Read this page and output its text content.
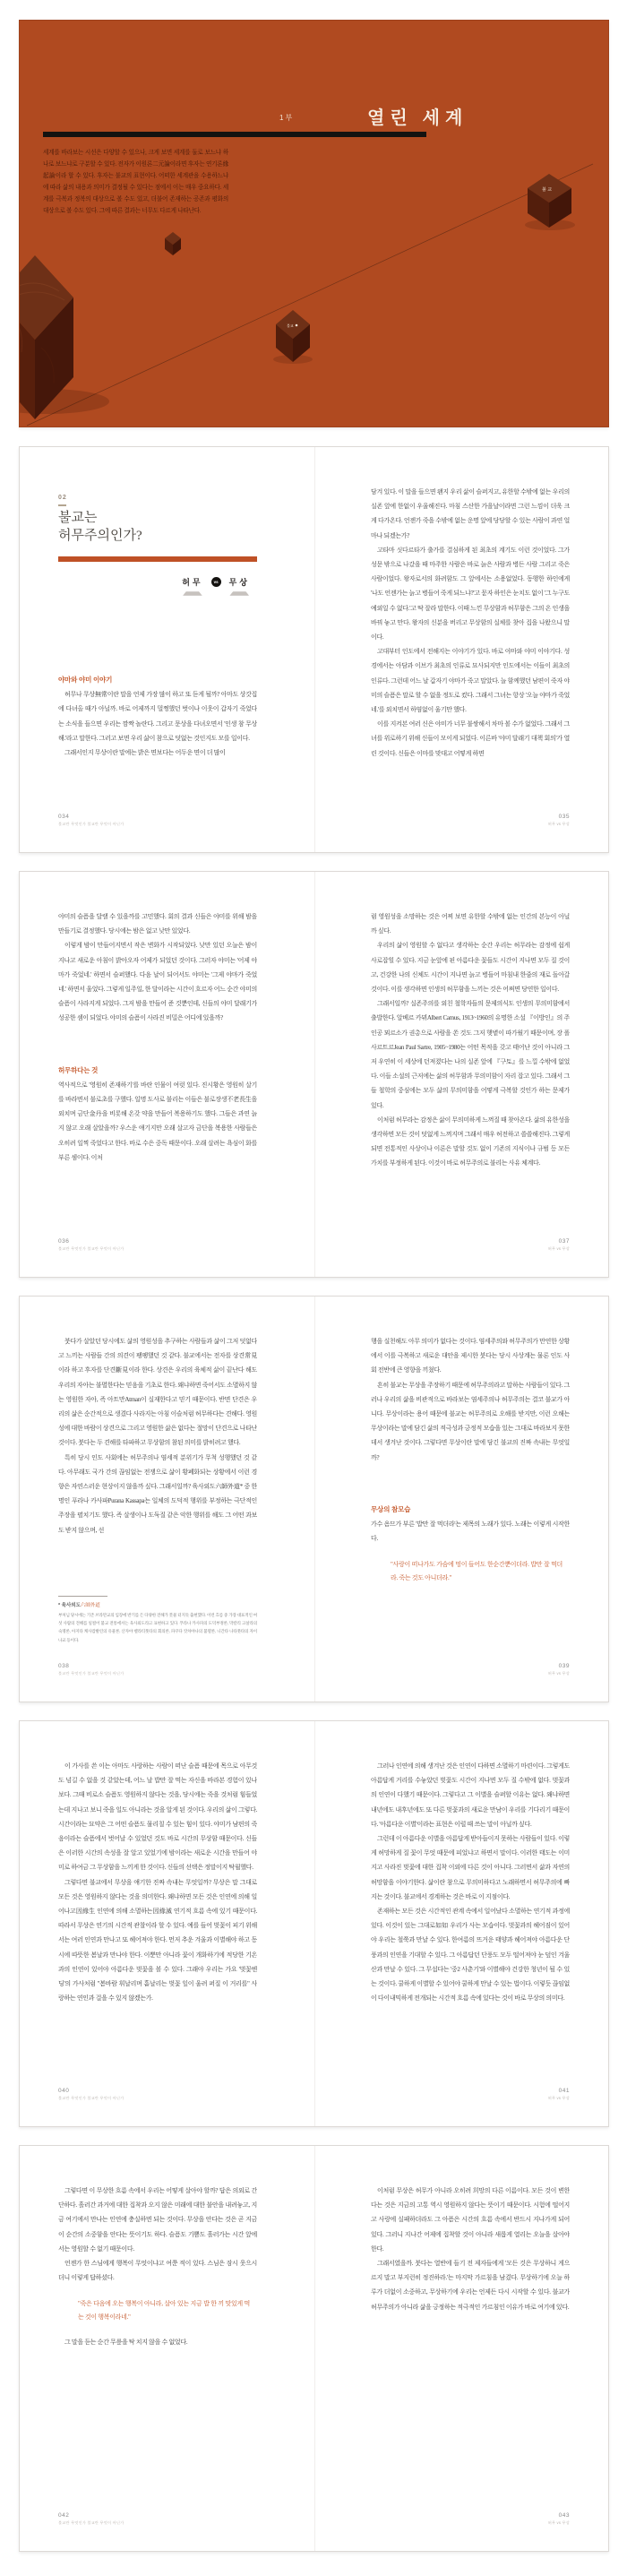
1부	열린 세계
세계를 바라보는 시선은 다양할 수 있으나, 크게 보면 세계를 둘로 보느냐 하나로 보느냐로 구분할 수 있다. 전자가 이원론二元論이라면 후자는 연기론緣起論이라 할 수 있다. 후자는 불교의 표현이다. 어떠한 세계관을 수용하느냐에 따라 삶의 내용과 의미가 결정될 수 있다는 점에서 이는 매우 중요하다. 세계를 극복과 정복의 대상으로 볼 수도 있고, 더불어 존재하는 공존과 평화의 대상으로 볼 수도 있다. 그에 따른 결과는 너무도 다르게 나타난다.
불교
불 교
02

불교는
허무주의인가?

허무	vs	무상

야마와 야미 이야기

허무나 무상無常이란 말을 언제 가장 많이 하고 또 듣게 될까? 아마도 상갓집에 다녀올 때가 아닐까. 바로 어제까지 멀쩡했던 벗이나 이웃이 갑자기 죽었다는 소식을 들으면 우리는 깜짝 놀란다. 그리고 문상을 다녀오면서 '인생 참 무상해.'라고 말한다. 그러고 보면 우리 삶이 참으로 덧없는 것인지도 모를 일이다.

그래서인지 무상이란 말에는 밝은 면보다는 어두운 면이 더 많이

034

불교란 무엇인가 불교란 무엇이 아닌가

담겨 있다. 이 말을 들으면 왠지 우리 삶이 슬퍼지고, 유한할 수밖에 없는 우리의 실존 앞에 한없이 우울해진다. 마침 스산한 가을날이라면 그런 느낌이 더욱 크게 다가온다. 언젠가 죽을 수밖에 없는 운명 앞에 당당할 수 있는 사람이 과연 얼마나 되겠는가?

고타마 싯다르타가 출가를 결심하게 된 최초의 계기도 이런 것이었다. 그가 성문 밖으로 나갔을 때 마주한 사람은 바로 늙은 사람과 병든 사람 그리고 죽은 사람이었다. 왕자로서의 화려함도 그 앞에서는 소용없었다. 동행한 하인에게 '나도 언젠가는 늙고 병들어 죽게 되느냐?'고 묻자 하인은 눈치도 없이 '그 누구도 예외일 수 없다.'고 딱 잘라 말한다. 이때 느낀 무상함과 허무함은 그의 온 인생을 바꿔 놓고 만다. 왕자의 신분을 버리고 무상함의 실체를 찾아 집을 나왔으니 말이다.

고대부터 인도에서 전해지는 이야기가 있다. 바로 야마와 야미 이야기다. 성경에서는 아담과 이브가 최초의 인류로 묘사되지만 인도에서는 이들이 최초의 인류다. 그런데 어느 날 갑자기 야마가 죽고 말았다. 늘 함께했던 남편이 죽자 야미의 슬픔은 말로 할 수 없을 정도로 컸다. 그래서 그녀는 항상 '오늘 야마가 죽었네.'를 외치면서 하염없이 울기만 했다.

이를 지켜본 여러 신은 야미가 너무 불쌍해서 차마 볼 수가 없었다. 그래서 그녀를 위로하기 위해 신들이 모이게 되었다. 이른바 '야미 달래기 대책 회의'가 열린 것이다. 신들은 이마를 맞대고 어떻게 하면

035

허무 vs 무상

야미의 슬픔을 달랠 수 있을까를 고민했다. 회의 결과 신들은 야미를 위해 밤을 만들기로 결정했다. 당시에는 밤은 없고 낮만 있었다.

이렇게 밤이 만들어지면서 작은 변화가 시작되었다. 낮만 있던 오늘은 밤이 지나고 새로운 아침이 밝아오자 어제가 되었던 것이다. 그러자 야미는 '어제 야마가 죽었네.' 하면서 슬퍼했다. 다음 날이 되어서도 야미는 '그제 야마가 죽었네.' 하면서 울었다. 그렇게 일주일, 한 달이라는 시간이 흐르자 어느 순간 야미의 슬픔이 사라지게 되었다. 그저 밤을 만들어 준 것뿐인데, 신들의 야미 달래기가 성공한 셈이 되었다. 야미의 슬픔이 사라진 비밀은 어디에 있을까?

허무하다는 것

역사적으로 '영원히 존재하기'를 바란 인물이 여럿 있다. 진시황은 영원히 살기를 바라면서 불로초를 구했다. 일명 도사로 불리는 이들은 불로장생不老長生을 외치며 금단金丹을 비롯해 온갖 약을 만들어 복용하기도 했다. 그들은 과연 늙지 않고 오래 살았을까? 우스운 얘기지만 오래 살고자 금단을 복용한 사람들은 오히려 일찍 죽었다고 한다. 바로 수은 중독 때문이다. 오래 살려는 욕심이 화를 부른 셈이다. 이처

036

불교란 무엇인가 불교란 무엇이 아닌가

럼 영원성을 소망하는 것은 어찌 보면 유한할 수밖에 없는 인간의 본능이 아닐까 싶다.

우리의 삶이 영원할 수 없다고 생각하는 순간 우리는 허무라는 감정에 쉽게 사로잡힐 수 있다. 지금 눈앞에 핀 아름다운 꽃들도 시간이 지나면 모두 질 것이고, 건강한 나의 신체도 시간이 지나면 늙고 병들어 마침내 한줌의 재로 돌아갈 것이다. 이를 생각하면 인생의 허무함을 느끼는 것은 어쩌면 당연한 일이다.

그래서일까? 실존주의를 외친 철학자들의 문제의식도 인생의 무의미함에서 출발한다. 알베르 카뮈Albert Camus, 1913~1960의 유명한 소설 『이방인』의 주인공 뫼르소가 권총으로 사람을 쏜 것도 그저 햇볕이 따가웠기 때문이며, 장 폴 사르트르Jean Paul Sartre, 1905~1980는 어떤 목적을 갖고 태어난 것이 아니라 그저 우연히 이 세상에 던져졌다는 나의 실존 앞에 『구토』를 느낄 수밖에 없었다. 이들 소설의 근저에는 삶의 허무함과 무의미함이 자리 잡고 있다. 그래서 그들 철학의 중심에는 모두 삶의 무의미함을 어떻게 극복할 것인가 하는 문제가 있다.

이처럼 허무라는 감정은 삶이 무의미하게 느껴질 때 찾아온다. 삶의 유한성을 생각하면 모든 것이 덧없게 느껴지며 그래서 매우 허전하고 쓸쓸해진다. 그렇게 되면 전통적인 사상이나 이론은 말할 것도 없이 기존의 지식이나 규범 등 모든 가치를 부정하게 된다. 이것이 바로 허무주의로 불리는 사유 체계다.

037

허무 vs 무상

붓다가 살았던 당시에도 삶의 영원성을 추구하는 사람들과 삶이 그저 덧없다고 느끼는 사람들 간의 의견이 팽팽했던 것 같다. 불교에서는 전자를 상견常見이라 하고 후자를 단견斷見이라 한다. 상견은 우리의 육체적 삶이 끝난다 해도 우리의 자아는 불멸한다는 믿음을 기초로 한다. 왜냐하면 죽어서도 소멸하지 않는 영원한 자아, 즉 아트만Atman이 실재한다고 믿기 때문이다. 반면 단견은 우리의 삶은 순간적으로 생겼다 사라지는 아침 이슬처럼 허무하다는 견해다. 영원성에 대한 바람이 상견으로 그리고 영원한 삶은 없다는 절망이 단견으로 나타난 것이다. 붓다는 두 견해를 타파하고 무상함의 참된 의미를 밝히려고 했다.

특히 당시 인도 사회에는 허무주의나 염세적 분위기가 무척 성행했던 것 같다. 아무래도 국가 간의 끊임없는 전쟁으로 삶이 황폐화되는 상황에서 이런 경향은 자연스러운 현상이지 않을까 싶다. 그래서일까? 육사외도六師外道* 중 한 명인 푸라나 카사파Purana Kassapa는 일체의 도덕적 행위를 부정하는 극단적인 주장을 펼치기도 했다. 즉 살생이나 도둑질 같은 악한 행위를 해도 그 어떤 과보도 받지 않으며, 선

* 육사외도六師外道

부처님 당시에는 기존 브라만교의 입장에 반기를 든 다양한 견해가 봇물 터지듯 출현했다. 이런 흐름 중 가장 대표적인 여섯 사람의 견해를 일컬어 불교 전통에서는 육사외도라고 표현하고 있다. 푸라나 카사파의 도덕부정론, 막칼리 고살라의 숙명론, 아지타 케사캄발린의 유물론, 산자야 벨라티풋타의 회의론, 파쿠다 캇차야나의 불멸론, 니간타 나타풋타의 자이나교 등이다.

038

불교란 무엇인가 불교란 무엇이 아닌가

행을 실천해도 아무 의미가 없다는 것이다. 염세주의와 허무주의가 만연한 상황에서 이를 극복하고 새로운 대안을 제시한 붓다는 당시 사상계는 물론 인도 사회 전반에 큰 영향을 끼쳤다.

흔히 불교는 무상을 주장하기 때문에 허무주의라고 말하는 사람들이 있다. 그러나 우리의 삶을 비관적으로 바라보는 염세주의나 허무주의는 결코 불교가 아니다. 무상이라는 용어 때문에 불교는 허무주의로 오해를 받지만, 이런 오해는 무상이라는 말에 담긴 삶의 적극성과 긍정적 모습을 있는 그대로 바라보지 못한 데서 생겨난 것이다. 그렇다면 무상이란 말에 담긴 불교의 진짜 속내는 무엇일까?

무상의 참모습

가수 옴므가 부른 '밥만 잘 먹더라'는 제목의 노래가 있다. 노래는 이렇게 시작한다.

"사랑이 떠나가도 가슴에 멍이 들어도 한순간뿐이더라. 밥만 잘 먹더라. 죽는 것도 아니더라."

039

허무 vs 무상

이 가사를 쓴 이는 아마도 사랑하는 사람이 떠난 슬픔 때문에 목으로 아무것도 넘길 수 없을 것 같았는데, 어느 날 밥만 잘 먹는 자신을 바라본 경험이 있나 보다. 그때 비로소 슬픔도 영원하지 않다는 것을, 당시에는 죽을 것처럼 힘들었는데 지나고 보니 죽을 일도 아니라는 것을 알게 된 것이다. 우리의 삶이 그렇다. 시간이라는 묘약은 그 어떤 슬픔도 물리칠 수 있는 힘이 있다. 야미가 남편의 죽음이라는 슬픔에서 벗어날 수 있었던 것도 바로 시간의 무상함 때문이다. 신들은 이러한 시간의 속성을 잘 알고 있었기에 밤이라는 새로운 시간을 만들어 야미로 하여금 그 무상함을 느끼게 한 것이다. 신들의 선택은 정말이지 탁월했다.

그렇다면 불교에서 무상을 얘기한 진짜 속내는 무엇일까? 무상은 말 그대로 모든 것은 영원하지 않다는 것을 의미한다. 왜냐하면 모든 것은 인연에 의해 일어나고因緣生 인연에 의해 소멸하는因緣滅 연기적 흐름 속에 있기 때문이다. 따라서 무상은 연기의 시간적 관찰이라 할 수 있다. 예를 들어 벚꽃이 피기 위해서는 여러 인연과 만나고 또 헤어져야 한다. 먼저 추운 겨울과 이별해야 하고 동시에 따뜻한 봄날과 만나야 한다. 이뿐만 아니라 꽃이 개화하기에 적당한 기온과의 인연이 있어야 아름다운 벚꽃을 볼 수 있다. 그래야 우리는 가요 '벚꽃엔딩'의 가사처럼 "봄바람 휘날리며 흩날리는 벚꽃 잎이 울려 퍼질 이 거리를" 사랑하는 연인과 걸을 수 있지 않겠는가.

040

불교란 무엇인가 불교란 무엇이 아닌가

그러나 인연에 의해 생겨난 것은 인연이 다하면 소멸하기 마련이다. 그렇게도 아름답게 거리를 수놓았던 벚꽃도 시간이 지나면 모두 질 수밖에 없다. 벚꽃과의 인연이 다했기 때문이다. 그렇다고 그 이별을 슬퍼할 이유는 없다. 왜냐하면 내년에도 내후년에도 또 다른 벚꽃과의 새로운 만남이 우리를 기다리기 때문이다. '아름다운 이별'이라는 표현은 이럴 때 쓰는 말이 아닐까 싶다.

그런데 이 아름다운 이별을 아름답게 받아들이지 못하는 사람들이 있다. 이렇게 허망하게 질 꽃이 무엇 때문에 피었냐고 하면서 말이다. 이러한 태도는 이미 지고 사라진 벚꽃에 대한 집착 이외에 다른 것이 아니다. 그러면서 삶과 자연의 허망함을 이야기한다. 삶이란 참으로 무의미하다고 노래하면서 허무주의에 빠지는 것이다. 불교에서 경계하는 것은 바로 이 지점이다.

존재하는 모든 것은 시간적인 관계 속에서 일어났다 소멸하는 연기적 과정에 있다. 이것이 있는 그대로如如 우리가 사는 모습이다. 벚꽃과의 헤어짐이 있어야 우리는 철쭉과 만날 수 있다. 한여름의 뜨거운 태양과 헤어져야 아름다운 단풍과의 인연을 기대할 수 있다. 그 아름답던 단풍도 모두 떨어져야 눈 덮인 겨울 산과 만날 수 있다. 그 무섭다는 '중2 사춘기'와 이별해야 건강한 청년이 될 수 있는 것이다. 쿨하게 이별할 수 있어야 쿨하게 만날 수 있는 법이다. 이렇듯 끊임없이 다이내믹하게 전개되는 시간적 흐름 속에 있다는 것이 바로 무상의 의미다.

041

허무 vs 무상

그렇다면 이 무상한 흐름 속에서 우리는 어떻게 살아야 할까? 답은 의외로 간단하다. 흘러간 과거에 대한 집착과 오지 않은 미래에 대한 불안을 내려놓고, 지금 여기에서 만나는 인연에 충실하면 되는 것이다. 무상을 안다는 것은 곧 지금 이 순간의 소중함을 안다는 뜻이기도 하다. 슬픔도 기쁨도 흘러가는 시간 앞에서는 영원할 수 없기 때문이다.

언젠가 한 스님에게 행복이 무엇이냐고 여쭌 적이 있다. 스님은 잠시 웃으시더니 이렇게 답하셨다.

"죽은 다음에 오는 행복이 아니라, 살아 있는 지금 밥 한 끼 맛있게 먹는 것이 행복이라네."

그 말을 듣는 순간 무릎을 탁 치지 않을 수 없었다.

042

불교란 무엇인가 불교란 무엇이 아닌가

이처럼 무상은 허무가 아니라 오히려 희망의 다른 이름이다. 모든 것이 변한다는 것은 지금의 고통 역시 영원하지 않다는 뜻이기 때문이다. 시험에 떨어지고 사랑에 실패하더라도 그 아픔은 시간의 흐름 속에서 반드시 지나가게 되어 있다. 그러니 지나간 어제에 집착할 것이 아니라 새롭게 열리는 오늘을 살아야 한다.

그래서였을까. 붓다는 열반에 들기 전 제자들에게 '모든 것은 무상하니 게으르지 말고 부지런히 정진하라.'는 마지막 가르침을 남겼다. 무상하기에 오늘 하루가 더없이 소중하고, 무상하기에 우리는 언제든 다시 시작할 수 있다. 불교가 허무주의가 아니라 삶을 긍정하는 적극적인 가르침인 이유가 바로 여기에 있다.

043

허무 vs 무상
